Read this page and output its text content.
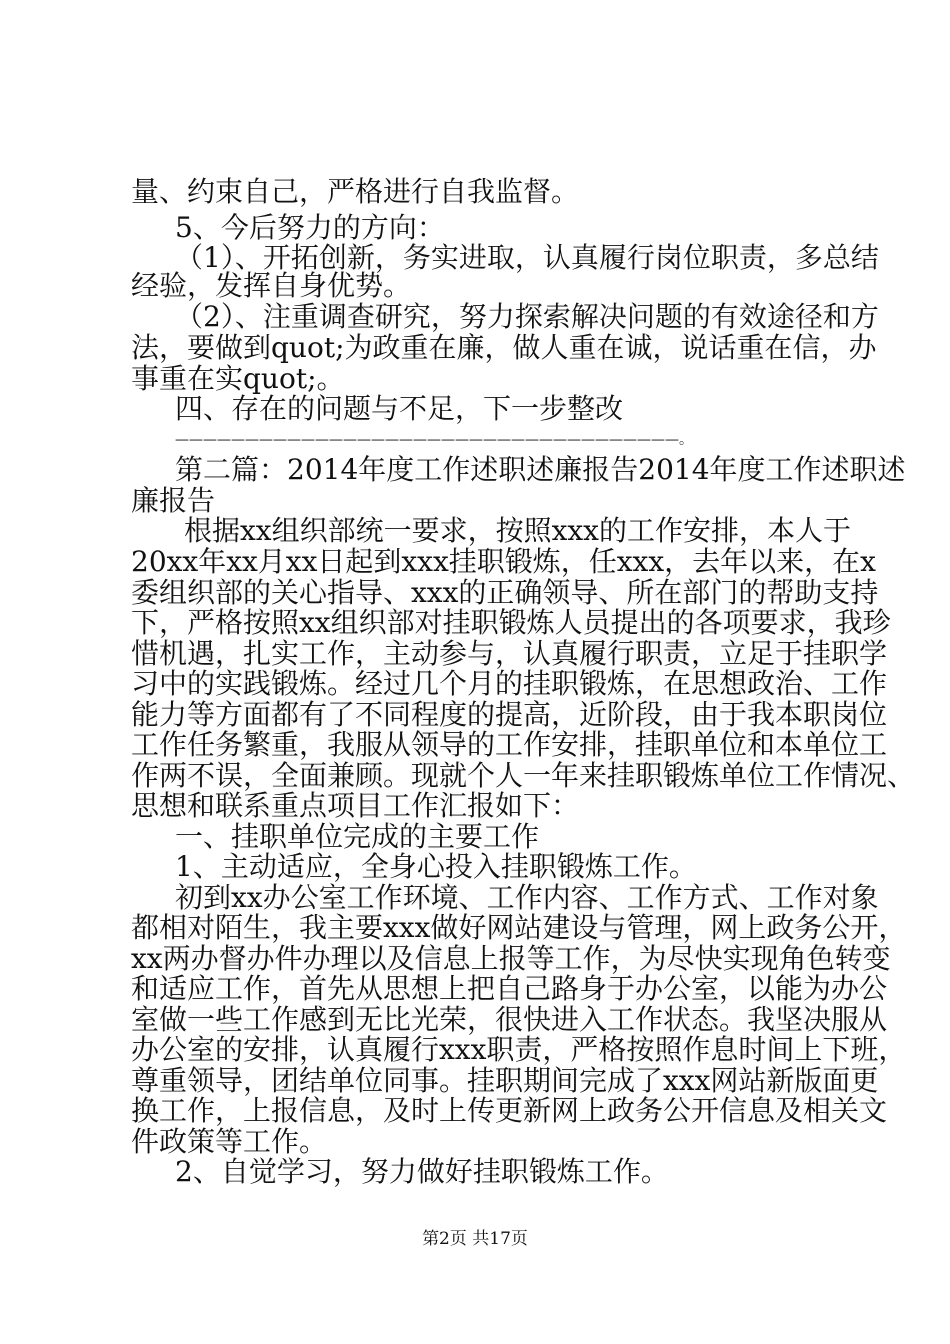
量、约束自己，严格进行自我监督。
5、今后努力的方向：
（1）、开拓创新，务实进取，认真履行岗位职责，多总结
经验，发挥自身优势。
（2）、注重调查研究，努力探索解决问题的有效途径和方
法，要做到quot;为政重在廉，做人重在诚，说话重在信，办
事重在实quot;。
四、存在的问题与不足，下一步整改
————————————————————————————————————。
第二篇：2014年度工作述职述廉报告2014年度工作述职述
廉报告
根据xx组织部统一要求，按照xxx的工作安排，本人于
20xx年xx月xx日起到xxx挂职锻炼，任xxx，去年以来，在x
委组织部的关心指导、xxx的正确领导、所在部门的帮助支持
下，严格按照xx组织部对挂职锻炼人员提出的各项要求，我珍
惜机遇，扎实工作，主动参与，认真履行职责，立足于挂职学
习中的实践锻炼。经过几个月的挂职锻炼，在思想政治、工作
能力等方面都有了不同程度的提高，近阶段，由于我本职岗位
工作任务繁重，我服从领导的工作安排，挂职单位和本单位工
作两不误，全面兼顾。现就个人一年来挂职锻炼单位工作情况、
思想和联系重点项目工作汇报如下：
一、挂职单位完成的主要工作
1、主动适应，全身心投入挂职锻炼工作。
初到xx办公室工作环境、工作内容、工作方式、工作对象
都相对陌生，我主要xxx做好网站建设与管理，网上政务公开，
xx两办督办件办理以及信息上报等工作，为尽快实现角色转变
和适应工作，首先从思想上把自己路身于办公室，以能为办公
室做一些工作感到无比光荣，很快进入工作状态。我坚决服从
办公室的安排，认真履行xxx职责，严格按照作息时间上下班，
尊重领导，团结单位同事。挂职期间完成了xxx网站新版面更
换工作，上报信息，及时上传更新网上政务公开信息及相关文
件政策等工作。
2、自觉学习，努力做好挂职锻炼工作。
第2页 共17页
